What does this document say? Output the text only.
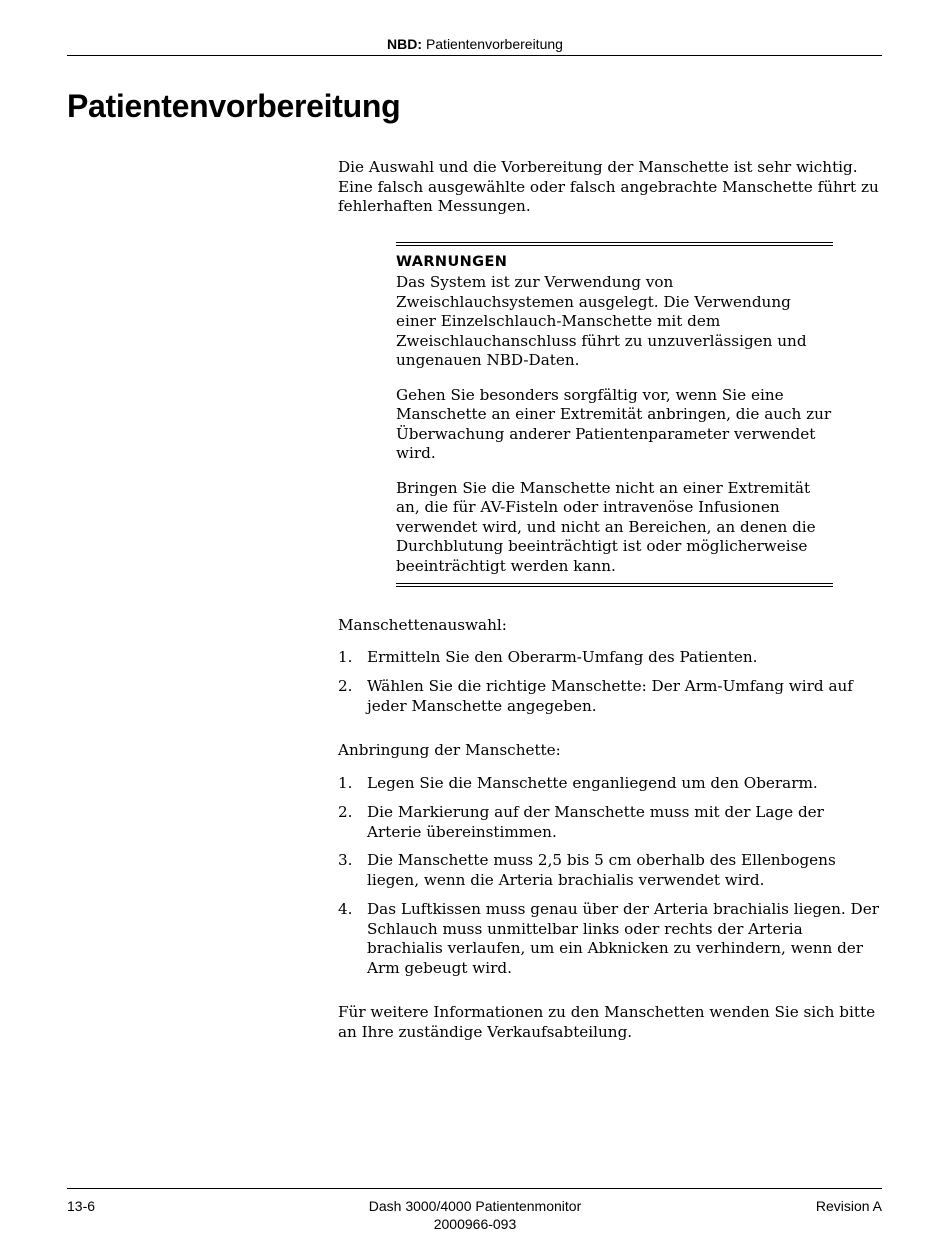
NBD: Patientenvorbereitung
Patientenvorbereitung

Die Auswahl und die Vorbereitung der Manschette ist sehr wichtig. Eine falsch ausgewählte oder falsch angebrachte Manschette führt zu fehlerhaften Messungen.

WARNUNGEN

Das System ist zur Verwendung von Zweischlauchsystemen ausgelegt. Die Verwendung einer Einzelschlauch-Manschette mit dem Zweischlauchanschluss führt zu unzuverlässigen und ungenauen NBD-Daten.

Gehen Sie besonders sorgfältig vor, wenn Sie eine Manschette an einer Extremität anbringen, die auch zur Überwachung anderer Patientenparameter verwendet wird.

Bringen Sie die Manschette nicht an einer Extremität an, die für AV-Fisteln oder intravenöse Infusionen verwendet wird, und nicht an Bereichen, an denen die Durchblutung beeinträchtigt ist oder möglicherweise beeinträchtigt werden kann.

Manschettenauswahl:
1. Ermitteln Sie den Oberarm-Umfang des Patienten.
2. Wählen Sie die richtige Manschette: Der Arm-Umfang wird auf jeder Manschette angegeben.
Anbringung der Manschette:
1. Legen Sie die Manschette enganliegend um den Oberarm.
2. Die Markierung auf der Manschette muss mit der Lage der Arterie übereinstimmen.
3. Die Manschette muss 2,5 bis 5 cm oberhalb des Ellenbogens liegen, wenn die Arteria brachialis verwendet wird.
4. Das Luftkissen muss genau über der Arteria brachialis liegen. Der Schlauch muss unmittelbar links oder rechts der Arteria brachialis verlaufen, um ein Abknicken zu verhindern, wenn der Arm gebeugt wird.

Für weitere Informationen zu den Manschetten wenden Sie sich bitte an Ihre zuständige Verkaufsabteilung.

13-6	Dash 3000/4000 Patientenmonitor
2000966-093
Revision A
